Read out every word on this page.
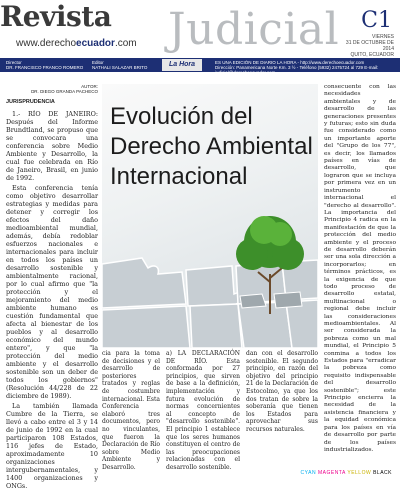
Revista Judicial
www.derechoecuador.com
C1
VIERNES
31 DE OCTUBRE DE 2014
QUITO, ECUADOR
Director
DR. FRANCISCO FRANCO ROMERO
Editor
NATHALI SALAZAR BRITO	La Hora	ES UNA EDICIÓN DE DIARIO LA HORA - http://www.derechoecuador.com
Dirección: Panamericana Norte Km. 3 ½ - Teléfono (5932) 2475724 al 729 E-mail: judicial@derechoecuador.com
AUTOR:
DR. DIEGO GRANDA PACHECO
JURISPRUDENCIA

1.- RÍO DE JANEIRO: Después del Informe Brundtland, se propuso que se convocara una conferencia sobre Medio Ambiente y Desarrollo, la cual fue celebrada en Río de Janeiro, Brasil, en junio de 1992.

Esta conferencia tenía como objetivo desarrollar estrategias y medidas para detener y corregir los efectos del daño medioambiental mundial, además, debía redoblar esfuerzos nacionales e internacionales para incluir en todos los países un desarrollo sostenible y ambientalmente racional, por lo cual afirmo que "la protección y el mejoramiento del medio ambiente humano es cuestión fundamental que afecta al bienestar de los pueblos y al desarrollo económico del mundo entero", y que "la protección del medio ambiente y el desarrollo sostenible son un deber de todos los gobiernos" (Resolución 44/228 de 22 diciembre de 1989).

La también llamada Cumbre de la Tierra, se llevó a cabo entre el 3 y 14 de junio de 1992 en la cual participaron 108 Estados, 116 jefes de Estado, aproximadamente 10 organizaciones intergubernamentales, y 1400 organizaciones y ONGs.

Evolución del
Derecho Ambiental
Internacional
cia para la toma de decisiones y el desarrollo de posteriores tratados y reglas de costumbre internacional. Esta Conferencia elaboró tres documentos, pero no vinculantes, que fueron la Declaración de Río sobre Medio Ambiente y Desarrollo.
a) LA DECLARACIÓN DE RÍO. Esta conformada por 27 principios, que sirven de base a la definición, implementación y futura evolución de normas concernientes al concepto de "desarrollo sostenible". El principio 1 establece que los seres humanos constituyen el centro de las preocupaciones relacionadas con el desarrollo sostenible.
dan con el desarrollo sostenible. El segundo principio, en razón del objetivo del principio 21 de la Declaración de Estocolmo, ya que los dos tratan de sobre la soberanía que tienen los Estados para aprovechar sus recursos naturales.
consecuente con las necesidades ambientales y de desarrollo de las generaciones presentes y futuras; esto sin duda fue considerado como un importante aporte del "Grupo de los 77", es decir, los llamados países en vías de desarrollo, que lograron que se incluya por primera vez en un instrumento internacional el "derecho al desarrollo". La importancia del Principio 4 radica en la manifestación de que la protección del medio ambiente y el proceso de desarrollo deberán ser una sola dirección a incorporarlos; en términos prácticos, es la exigencia de que todo proceso de desarrollo estatal, multinacional o regional debe incluir las consideraciones medioambientales. Al ser considerada la pobreza como un mal mundial, el Principio 5 conmina a todos los Estados para "erradicar la pobreza como requisito indispensable del desarrollo sostenible"; este Principio encierra la necesidad de la asistencia financiera y la equidad económica para los países en vía de desarrollo por parte de los países industrializados.
CYAN MAGENTA YELLOW BLACK
